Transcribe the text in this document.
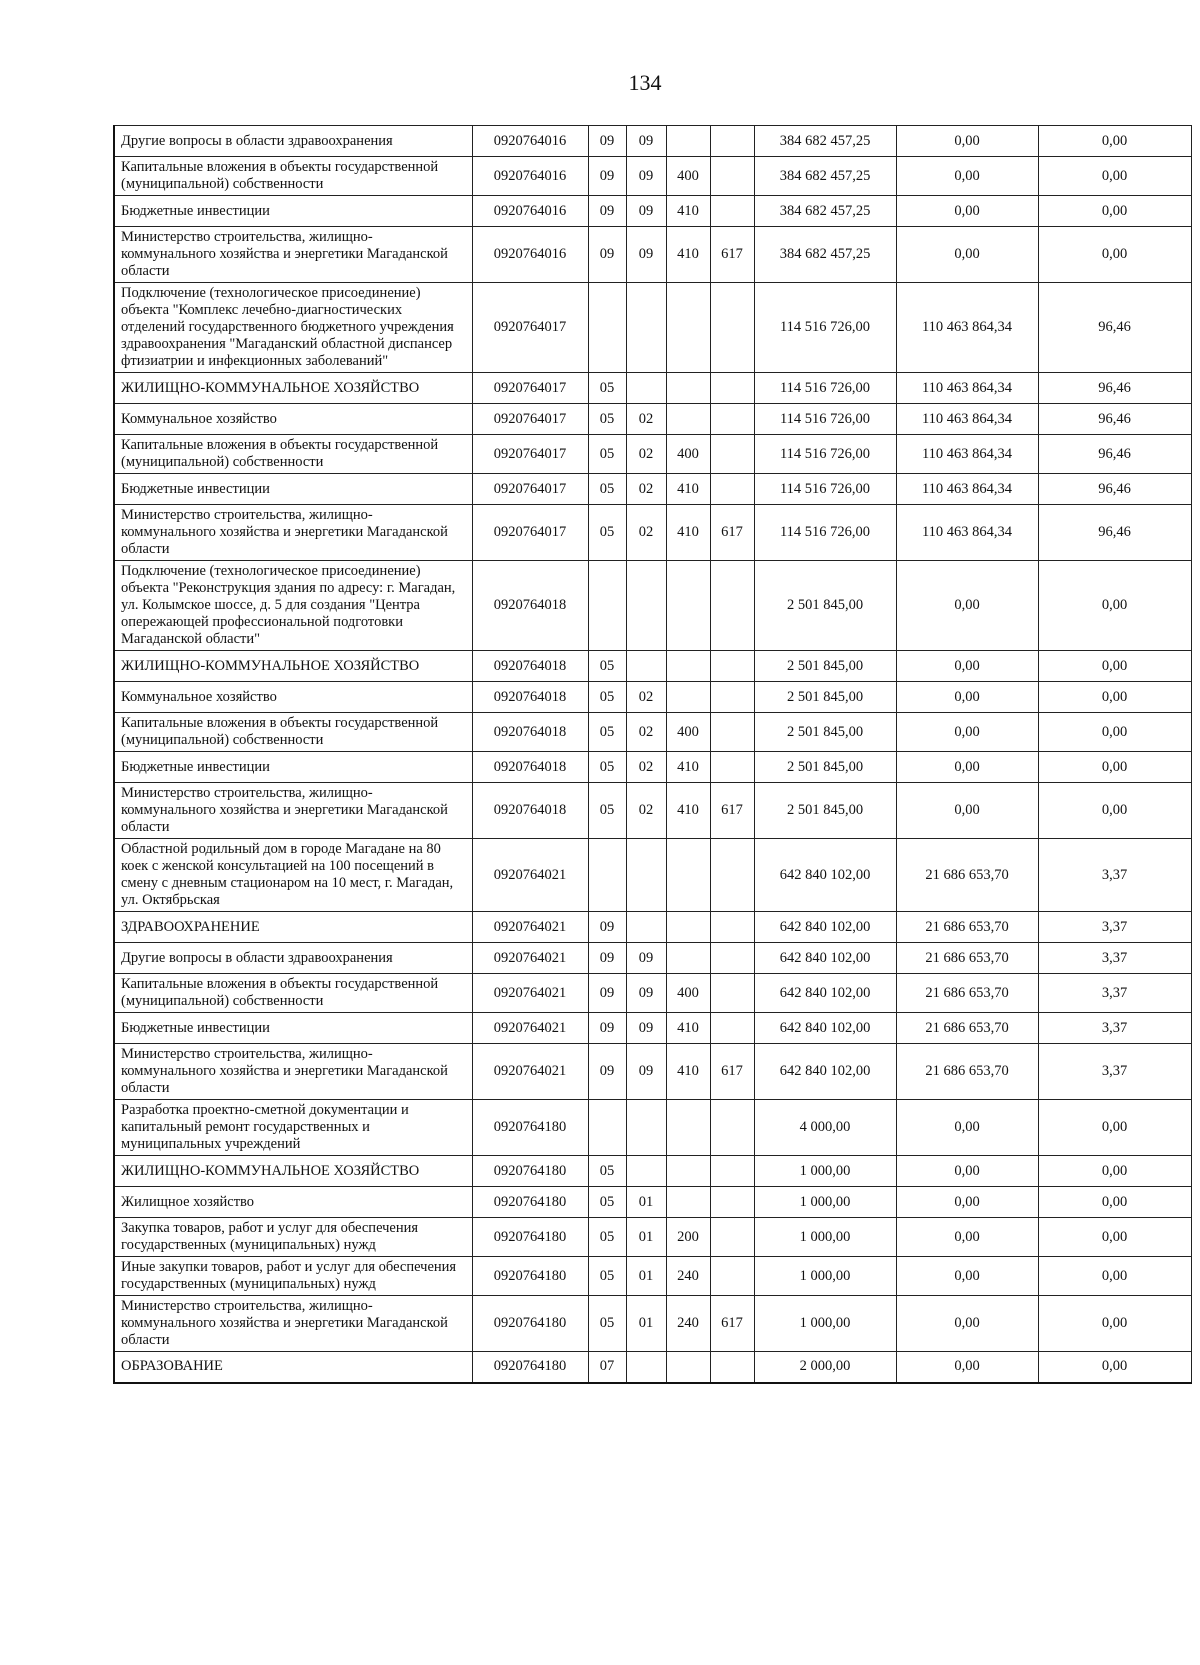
134
Другие вопросы в области здравоохранения	0920764016	09	09			384 682 457,25	0,00	0,00
Капитальные вложения в объекты государственной (муниципальной) собственности	0920764016	09	09	400		384 682 457,25	0,00	0,00
Бюджетные инвестиции	0920764016	09	09	410		384 682 457,25	0,00	0,00
Министерство строительства, жилищно-коммунального хозяйства и энергетики Магаданской области	0920764016	09	09	410	617	384 682 457,25	0,00	0,00
Подключение (технологическое присоединение) объекта "Комплекс лечебно-диагностических отделений государственного бюджетного учреждения здравоохранения "Магаданский областной диспансер фтизиатрии и инфекционных заболеваний"	0920764017					114 516 726,00	110 463 864,34	96,46
ЖИЛИЩНО-КОММУНАЛЬНОЕ ХОЗЯЙСТВО	0920764017	05				114 516 726,00	110 463 864,34	96,46
Коммунальное хозяйство	0920764017	05	02			114 516 726,00	110 463 864,34	96,46
Капитальные вложения в объекты государственной (муниципальной) собственности	0920764017	05	02	400		114 516 726,00	110 463 864,34	96,46
Бюджетные инвестиции	0920764017	05	02	410		114 516 726,00	110 463 864,34	96,46
Министерство строительства, жилищно-коммунального хозяйства и энергетики Магаданской области	0920764017	05	02	410	617	114 516 726,00	110 463 864,34	96,46
Подключение (технологическое присоединение) объекта "Реконструкция здания по адресу: г. Магадан, ул. Колымское шоссе, д. 5 для создания "Центра опережающей профессиональной подготовки Магаданской области"	0920764018					2 501 845,00	0,00	0,00
ЖИЛИЩНО-КОММУНАЛЬНОЕ ХОЗЯЙСТВО	0920764018	05				2 501 845,00	0,00	0,00
Коммунальное хозяйство	0920764018	05	02			2 501 845,00	0,00	0,00
Капитальные вложения в объекты государственной (муниципальной) собственности	0920764018	05	02	400		2 501 845,00	0,00	0,00
Бюджетные инвестиции	0920764018	05	02	410		2 501 845,00	0,00	0,00
Министерство строительства, жилищно-коммунального хозяйства и энергетики Магаданской области	0920764018	05	02	410	617	2 501 845,00	0,00	0,00
Областной родильный дом в городе Магадане на 80 коек с женской консультацией на 100 посещений в смену с дневным стационаром на 10 мест, г. Магадан, ул. Октябрьская	0920764021					642 840 102,00	21 686 653,70	3,37
ЗДРАВООХРАНЕНИЕ	0920764021	09				642 840 102,00	21 686 653,70	3,37
Другие вопросы в области здравоохранения	0920764021	09	09			642 840 102,00	21 686 653,70	3,37
Капитальные вложения в объекты государственной (муниципальной) собственности	0920764021	09	09	400		642 840 102,00	21 686 653,70	3,37
Бюджетные инвестиции	0920764021	09	09	410		642 840 102,00	21 686 653,70	3,37
Министерство строительства, жилищно-коммунального хозяйства и энергетики Магаданской области	0920764021	09	09	410	617	642 840 102,00	21 686 653,70	3,37
Разработка проектно-сметной документации и капитальный ремонт государственных и муниципальных учреждений	0920764180					4 000,00	0,00	0,00
ЖИЛИЩНО-КОММУНАЛЬНОЕ ХОЗЯЙСТВО	0920764180	05				1 000,00	0,00	0,00
Жилищное хозяйство	0920764180	05	01			1 000,00	0,00	0,00
Закупка товаров, работ и услуг для обеспечения государственных (муниципальных) нужд	0920764180	05	01	200		1 000,00	0,00	0,00
Иные закупки товаров, работ и услуг для обеспечения государственных (муниципальных) нужд	0920764180	05	01	240		1 000,00	0,00	0,00
Министерство строительства, жилищно-коммунального хозяйства и энергетики Магаданской области	0920764180	05	01	240	617	1 000,00	0,00	0,00
ОБРАЗОВАНИЕ	0920764180	07				2 000,00	0,00	0,00
